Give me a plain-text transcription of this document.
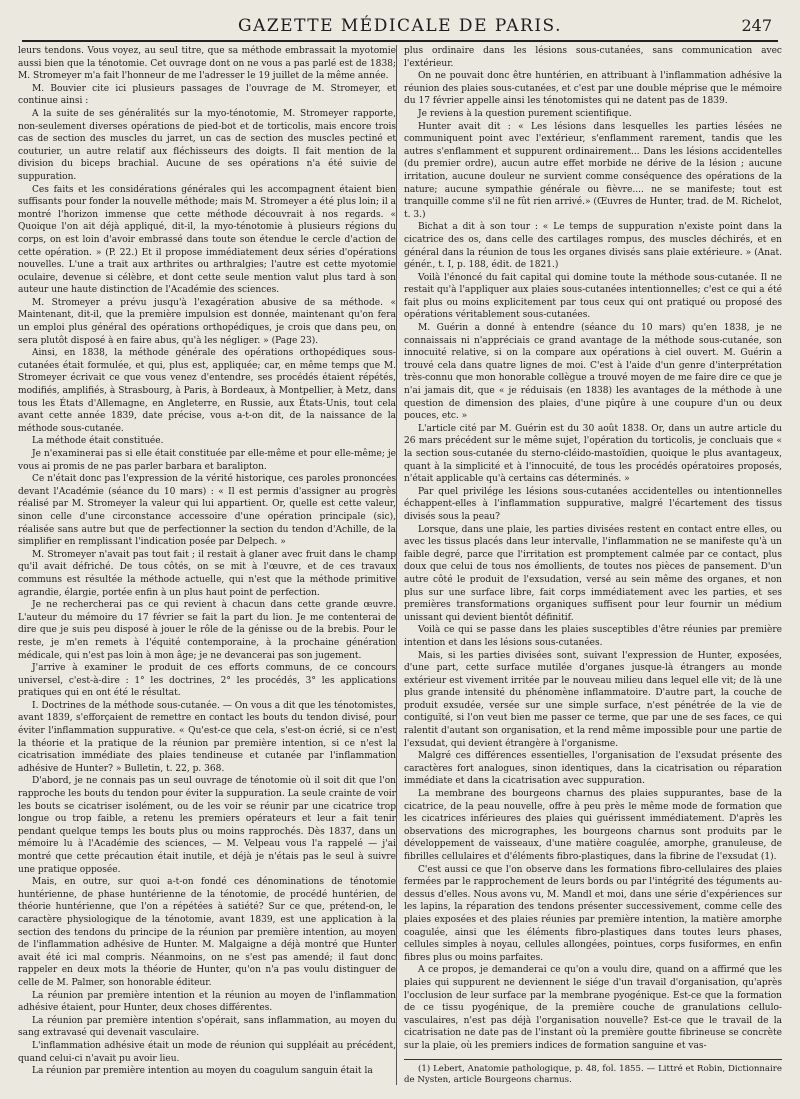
GAZETTE MÉDICALE DE PARIS.	247

leurs tendons. Vous voyez, au seul titre, que sa méthode embrassait la myotomie aussi bien que la ténotomie. Cet ouvrage dont on ne vous a pas parlé est de 1838; M. Stromeyer m'a fait l'honneur de me l'adresser le 19 juillet de la même année.

M. Bouvier cite ici plusieurs passages de l'ouvrage de M. Stromeyer, et continue ainsi :

A la suite de ses généralités sur la myo-ténotomie, M. Stromeyer rapporte, non-seulement diverses opérations de pied-bot et de torticolis, mais encore trois cas de section des muscles du jarret, un cas de section des muscles pectiné et couturier, un autre relatif aux fléchisseurs des doigts. Il fait mention de la division du biceps brachial. Aucune de ses opérations n'a été suivie de suppuration.

Ces faits et les considérations générales qui les accompagnent étaient bien suffisants pour fonder la nouvelle méthode; mais M. Stromeyer a été plus loin; il a montré l'horizon immense que cette méthode découvrait à nos regards. « Quoique l'on ait déjà appliqué, dit-il, la myo-ténotomie à plusieurs régions du corps, on est loin d'avoir embrassé dans toute son étendue le cercle d'action de cette opération. » (P. 22.) Et il propose immédiatement deux séries d'opérations nouvelles. L'une a trait aux arthrites ou arthralgies; l'autre est cette myotomie oculaire, devenue si célèbre, et dont cette seule mention valut plus tard à son auteur une haute distinction de l'Académie des sciences.

M. Stromeyer a prévu jusqu'à l'exagération abusive de sa méthode. « Maintenant, dit-il, que la première impulsion est donnée, maintenant qu'on fera un emploi plus général des opérations orthopédiques, je crois que dans peu, on sera plutôt disposé à en faire abus, qu'à les négliger. » (Page 23).

Ainsi, en 1838, la méthode générale des opérations orthopédiques sous-cutanées était formulée, et qui, plus est, appliquée; car, en même temps que M. Stromeyer écrivait ce que vous venez d'entendre, ses procédés étaient répétés, modifiés, amplifiés, à Strasbourg, à Paris, à Bordeaux, à Montpellier, à Metz, dans tous les États d'Allemagne, en Angleterre, en Russie, aux États-Unis, tout cela avant cette année 1839, date précise, vous a-t-on dit, de la naissance de la méthode sous-cutanée.

La méthode était constituée.

Je n'examinerai pas si elle était constituée par elle-même et pour elle-même; je vous ai promis de ne pas parler barbara et baralipton.

Ce n'était donc pas l'expression de la vérité historique, ces paroles prononcées devant l'Académie (séance du 10 mars) : « Il est permis d'assigner au progrès réalisé par M. Stromeyer la valeur qui lui appartient. Or, quelle est cette valeur, sinon celle d'une circonstance accessoire d'une opération principale (sic), réalisée sans autre but que de perfectionner la section du tendon d'Achille, de la simplifier en remplissant l'indication posée par Delpech. »

M. Stromeyer n'avait pas tout fait ; il restait à glaner avec fruit dans le champ qu'il avait défriché. De tous côtés, on se mit à l'œuvre, et de ces travaux communs est résultée la méthode actuelle, qui n'est que la méthode primitive agrandie, élargie, portée enfin à un plus haut point de perfection.

Je ne rechercherai pas ce qui revient à chacun dans cette grande œuvre. L'auteur du mémoire du 17 février se fait la part du lion. Je me contenterai de dire que je suis peu disposé à jouer le rôle de la génisse ou de la brebis. Pour le reste, je m'en remets à l'équité contemporaine, à la prochaine génération médicale, qui n'est pas loin à mon âge; je ne devancerai pas son jugement.

J'arrive à examiner le produit de ces efforts communs, de ce concours universel, c'est-à-dire : 1° les doctrines, 2° les procédés, 3° les applications pratiques qui en ont été le résultat.

I. Doctrines de la méthode sous-cutanée. — On vous a dit que les ténotomistes, avant 1839, s'efforçaient de remettre en contact les bouts du tendon divisé, pour éviter l'inflammation suppurative. « Qu'est-ce que cela, s'est-on écrié, si ce n'est la théorie et la pratique de la réunion par première intention, si ce n'est la cicatrisation immédiate des plaies tendineuse et cutanée par l'inflammation adhésive de Hunter? » Bulletin, t. 22, p. 368.

D'abord, je ne connais pas un seul ouvrage de ténotomie où il soit dit que l'on rapproche les bouts du tendon pour éviter la suppuration. La seule crainte de voir les bouts se cicatriser isolément, ou de les voir se réunir par une cicatrice trop longue ou trop faible, a retenu les premiers opérateurs et leur a fait tenir pendant quelque temps les bouts plus ou moins rapprochés. Dès 1837, dans un mémoire lu à l'Académie des sciences, — M. Velpeau vous l'a rappelé — j'ai montré que cette précaution était inutile, et déjà je n'étais pas le seul à suivre une pratique opposée.

Mais, en outre, sur quoi a-t-on fondé ces dénominations de ténotomie huntérienne, de phase huntérienne de la ténotomie, de procédé huntérien, de théorie huntérienne, que l'on a répétées à satiété? Sur ce que, prétend-on, le caractère physiologique de la ténotomie, avant 1839, est une application à la section des tendons du principe de la réunion par première intention, au moyen de l'inflammation adhésive de Hunter. M. Malgaigne a déjà montré que Hunter avait été ici mal compris. Néanmoins, on ne s'est pas amendé; il faut donc rappeler en deux mots la théorie de Hunter, qu'on n'a pas voulu distinguer de celle de M. Palmer, son honorable éditeur.

La réunion par première intention et la réunion au moyen de l'inflammation adhésive étaient, pour Hunter, deux choses différentes.

La réunion par première intention s'opérait, sans inflammation, au moyen du sang extravasé qui devenait vasculaire.

L'inflammation adhésive était un mode de réunion qui suppléait au précédent, quand celui-ci n'avait pu avoir lieu.

La réunion par première intention au moyen du coagulum sanguin était la

plus ordinaire dans les lésions sous-cutanées, sans communication avec l'extérieur.

On ne pouvait donc être huntérien, en attribuant à l'inflammation adhésive la réunion des plaies sous-cutanées, et c'est par une double méprise que le mémoire du 17 février appelle ainsi les ténotomistes qui ne datent pas de 1839.

Je reviens à la question purement scientifique.

Hunter avait dit : « Les lésions dans lesquelles les parties lésées ne communiquent point avec l'extérieur, s'enflamment rarement, tandis que les autres s'enflamment et suppurent ordinairement... Dans les lésions accidentelles (du premier ordre), aucun autre effet morbide ne dérive de la lésion ; aucune irritation, aucune douleur ne survient comme conséquence des opérations de la nature; aucune sympathie générale ou fièvre.... ne se manifeste; tout est tranquille comme s'il ne fût rien arrivé.» (Œuvres de Hunter, trad. de M. Richelot, t. 3.)

Bichat a dit à son tour : « Le temps de suppuration n'existe point dans la cicatrice des os, dans celle des cartilages rompus, des muscles déchirés, et en général dans la réunion de tous les organes divisés sans plaie extérieure. » (Anat. génér., t. I, p. 188, édit. de 1821.)

Voilà l'énoncé du fait capital qui domine toute la méthode sous-cutanée. Il ne restait qu'à l'appliquer aux plaies sous-cutanées intentionnelles; c'est ce qui a été fait plus ou moins explicitement par tous ceux qui ont pratiqué ou proposé des opérations véritablement sous-cutanées.

M. Guérin a donné à entendre (séance du 10 mars) qu'en 1838, je ne connaissais ni n'appréciais ce grand avantage de la méthode sous-cutanée, son innocuité relative, si on la compare aux opérations à ciel ouvert. M. Guérin a trouvé cela dans quatre lignes de moi. C'est à l'aide d'un genre d'interprétation très-connu que mon honorable collègue a trouvé moyen de me faire dire ce que je n'ai jamais dit, que « je réduisais (en 1838) les avantages de la méthode à une question de dimension des plaies, d'une piqûre à une coupure d'un ou deux pouces, etc. »

L'article cité par M. Guérin est du 30 août 1838. Or, dans un autre article du 26 mars précédent sur le même sujet, l'opération du torticolis, je concluais que « la section sous-cutanée du sterno-cléido-mastoïdien, quoique le plus avantageux, quant à la simplicité et à l'innocuité, de tous les procédés opératoires proposés, n'était applicable qu'à certains cas déterminés. »

Par quel privilége les lésions sous-cutanées accidentelles ou intentionnelles échappent-elles à l'inflammation suppurative, malgré l'écartement des tissus divisés sous la peau?

Lorsque, dans une plaie, les parties divisées restent en contact entre elles, ou avec les tissus placés dans leur intervalle, l'inflammation ne se manifeste qu'à un faible degré, parce que l'irritation est promptement calmée par ce contact, plus doux que celui de tous nos émollients, de toutes nos pièces de pansement. D'un autre côté le produit de l'exsudation, versé au sein même des organes, et non plus sur une surface libre, fait corps immédiatement avec les parties, et ses premières transformations organiques suffisent pour leur fournir un médium unissant qui devient bientôt définitif.

Voilà ce qui se passe dans les plaies susceptibles d'être réunies par première intention et dans les lésions sous-cutanées.

Mais, si les parties divisées sont, suivant l'expression de Hunter, exposées, d'une part, cette surface mutilée d'organes jusque-là étrangers au monde extérieur est vivement irritée par le nouveau milieu dans lequel elle vit; de là une plus grande intensité du phénomène inflammatoire. D'autre part, la couche de produit exsudée, versée sur une simple surface, n'est pénétrée de la vie de contiguïté, si l'on veut bien me passer ce terme, que par une de ses faces, ce qui ralentit d'autant son organisation, et la rend même impossible pour une partie de l'exsudat, qui devient étrangère à l'organisme.

Malgré ces différences essentielles, l'organisation de l'exsudat présente des caractères fort analogues, sinon identiques, dans la cicatrisation ou réparation immédiate et dans la cicatrisation avec suppuration.

La membrane des bourgeons charnus des plaies suppurantes, base de la cicatrice, de la peau nouvelle, offre à peu près le même mode de formation que les cicatrices inférieures des plaies qui guérissent immédiatement. D'après les observations des micrographes, les bourgeons charnus sont produits par le développement de vaisseaux, d'une matière coagulée, amorphe, granuleuse, de fibrilles cellulaires et d'éléments fibro-plastiques, dans la fibrine de l'exsudat (1).

C'est aussi ce que l'on observe dans les formations fibro-cellulaires des plaies fermées par le rapprochement de leurs bords ou par l'intégrité des téguments au-dessus d'elles. Nous avons vu, M. Mandl et moi, dans une série d'expériences sur les lapins, la réparation des tendons présenter successivement, comme celle des plaies exposées et des plaies réunies par première intention, la matière amorphe coagulée, ainsi que les éléments fibro-plastiques dans toutes leurs phases, cellules simples à noyau, cellules allongées, pointues, corps fusiformes, en enfin fibres plus ou moins parfaites.

A ce propos, je demanderai ce qu'on a voulu dire, quand on a affirmé que les plaies qui suppurent ne deviennent le siége d'un travail d'organisation, qu'après l'occlusion de leur surface par la membrane pyogénique. Est-ce que la formation de ce tissu pyogénique, de la première couche de granulations cellulo-vasculaires, n'est pas déjà l'organisation nouvelle? Est-ce que le travail de la cicatrisation ne date pas de l'instant où la première goutte fibrineuse se concrète sur la plaie, où les premiers indices de formation sanguine et vas-

(1) Lebert, Anatomie pathologique, p. 48, fol. 1855. — Littré et Robin, Dictionnaire de Nysten, article Bourgeons charnus.
